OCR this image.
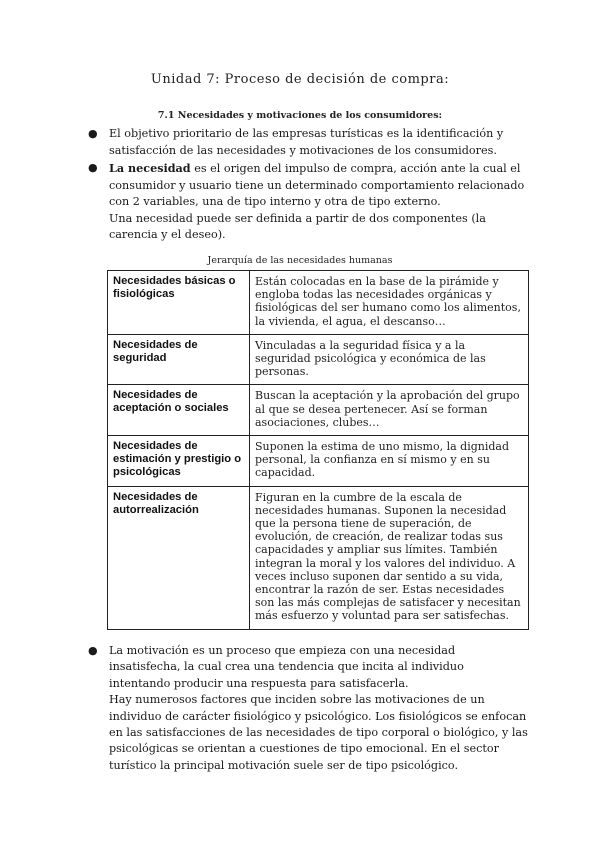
Unidad 7: Proceso de decisión de compra:
7.1 Necesidades y motivaciones de los consumidores:
● El objetivo prioritario de las empresas turísticas es la identificación y satisfacción de las necesidades y motivaciones de los consumidores.

● La necesidad es el origen del impulso de compra, acción ante la cual el consumidor y usuario tiene un determinado comportamiento relacionado con 2 variables, una de tipo interno y otra de tipo externo.

Una necesidad puede ser definida a partir de dos componentes (la carencia y el deseo).

Jerarquía de las necesidades humanas
Necesidades básicas o fisiológicas	Están colocadas en la base de la pirámide y engloba todas las necesidades orgánicas y fisiológicas del ser humano como los alimentos, la vivienda, el agua, el descanso…
Necesidades de seguridad	Vinculadas a la seguridad física y a la seguridad psicológica y económica de las personas.
Necesidades de aceptación o sociales	Buscan la aceptación y la aprobación del grupo al que se desea pertenecer. Así se forman asociaciones, clubes…
Necesidades de estimación y prestigio o psicológicas	Suponen la estima de uno mismo, la dignidad personal, la confianza en sí mismo y en su capacidad.
Necesidades de autorrealización	Figuran en la cumbre de la escala de necesidades humanas. Suponen la necesidad que la persona tiene de superación, de evolución, de creación, de realizar todas sus capacidades y ampliar sus límites. También integran la moral y los valores del individuo. A veces incluso suponen dar sentido a su vida, encontrar la razón de ser. Estas necesidades son las más complejas de satisfacer y necesitan más esfuerzo y voluntad para ser satisfechas.
● La motivación es un proceso que empieza con una necesidad insatisfecha, la cual crea una tendencia que incita al individuo intentando producir una respuesta para satisfacerla.

Hay numerosos factores que inciden sobre las motivaciones de un individuo de carácter fisiológico y psicológico. Los fisiológicos se enfocan en las satisfacciones de las necesidades de tipo corporal o biológico, y las psicológicas se orientan a cuestiones de tipo emocional. En el sector turístico la principal motivación suele ser de tipo psicológico.
